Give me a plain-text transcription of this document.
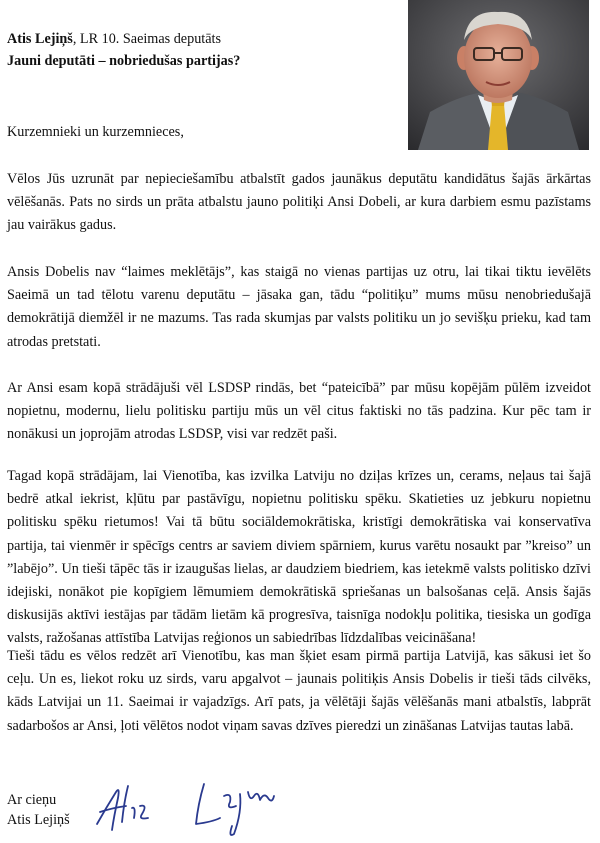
Atis Lejiņš, LR 10. Saeimas deputāts
Jauni deputāti – nobriedušas partijas?
Kurzemnieki un kurzemnieces,
Vēlos Jūs uzrunāt par nepieciešamību atbalstīt gados jaunākus deputātu kandidātus šajās ārkārtas vēlēšanās. Pats no sirds un prāta atbalstu jauno politiķi Ansi Dobeli, ar kura darbiem esmu pazīstams jau vairākus gadus.
Ansis Dobelis nav “laimes meklētājs”, kas staigā no vienas partijas uz otru, lai tikai tiktu ievēlēts Saeimā un tad tēlotu varenu deputātu – jāsaka gan, tādu “politiķu” mums mūsu nenobriedušajā demokrātijā diemžēl ir ne mazums. Tas rada skumjas par valsts politiku un jo sevišķu prieku, kad tam atrodas pretstati.
Ar Ansi esam kopā strādājuši vēl LSDSP rindās, bet “pateicībā” par mūsu kopējām pūlēm izveidot nopietnu, modernu, lielu politisku partiju mūs un vēl citus faktiski no tās padzina. Kur pēc tam ir nonākusi un joprojām atrodas LSDSP, visi var redzēt paši.
Tagad kopā strādājam, lai Vienotība, kas izvilka Latviju no dziļas krīzes un, cerams, neļaus tai šajā bedrē atkal iekrist, kļūtu par pastāvīgu, nopietnu politisku spēku. Skatieties uz jebkuru nopietnu politisku spēku rietumos! Vai tā būtu sociāldemokrātiska, kristīgi demokrātiska vai konservatīva partija, tai vienmēr ir spēcīgs centrs ar saviem diviem spārniem, kurus varētu nosaukt par ”kreiso” un ”labējo”. Un tieši tāpēc tās ir izaugušas lielas, ar daudziem biedriem, kas ietekmē valsts politisko dzīvi idejiski, nonākot pie kopīgiem lēmumiem demokrātiskā spriešanas un balsošanas ceļā. Ansis šajās diskusijās aktīvi iestājas par tādām lietām kā progresīva, taisnīga nodokļu politika, tiesiska un godīga valsts, ražošanas attīstība Latvijas reģionos un sabiedrības līdzdalības veicināšana!
Tieši tādu es vēlos redzēt arī Vienotību, kas man šķiet esam pirmā partija Latvijā, kas sākusi iet šo ceļu. Un es, liekot roku uz sirds, varu apgalvot – jaunais politiķis Ansis Dobelis ir tieši tāds cilvēks, kāds Latvijai un 11. Saeimai ir vajadzīgs. Arī pats, ja vēlētāji šajās vēlēšanās mani atbalstīs, labprāt sadarbošos ar Ansi, ļoti vēlētos nodot viņam savas dzīves pieredzi un zināšanas Latvijas tautas labā.
Ar cieņu
Atis Lejiņš
